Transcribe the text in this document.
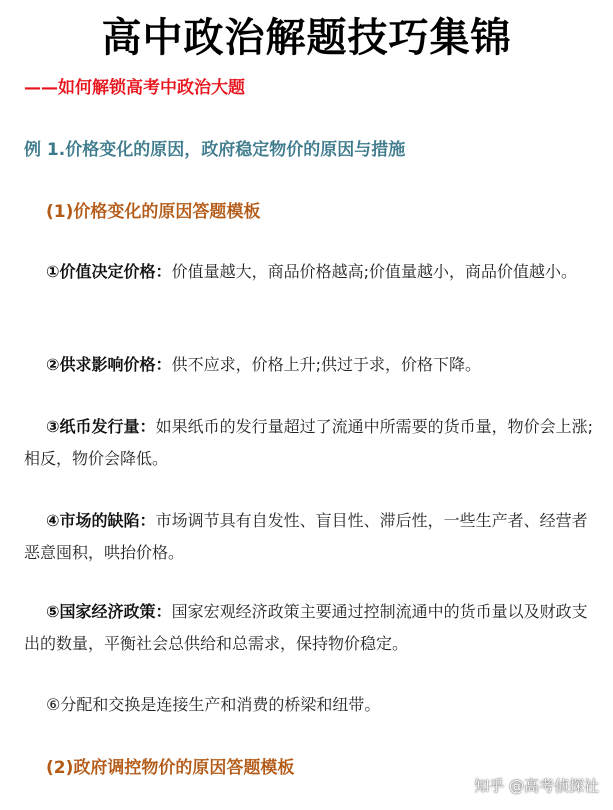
高中政治解题技巧集锦
——如何解锁高考中政治大题
例 1.价格变化的原因，政府稳定物价的原因与措施
(1)价格变化的原因答题模板
①价值决定价格：价值量越大，商品价格越高;价值量越小，商品价值越小。
②供求影响价格：供不应求，价格上升;供过于求，价格下降。
③纸币发行量：如果纸币的发行量超过了流通中所需要的货币量，物价会上涨;相反，物价会降低。
④市场的缺陷：市场调节具有自发性、盲目性、滞后性，一些生产者、经营者恶意囤积，哄抬价格。
⑤国家经济政策：国家宏观经济政策主要通过控制流通中的货币量以及财政支出的数量，平衡社会总供给和总需求，保持物价稳定。
⑥分配和交换是连接生产和消费的桥梁和纽带。
(2)政府调控物价的原因答题模板
知乎 @高考侦探社
